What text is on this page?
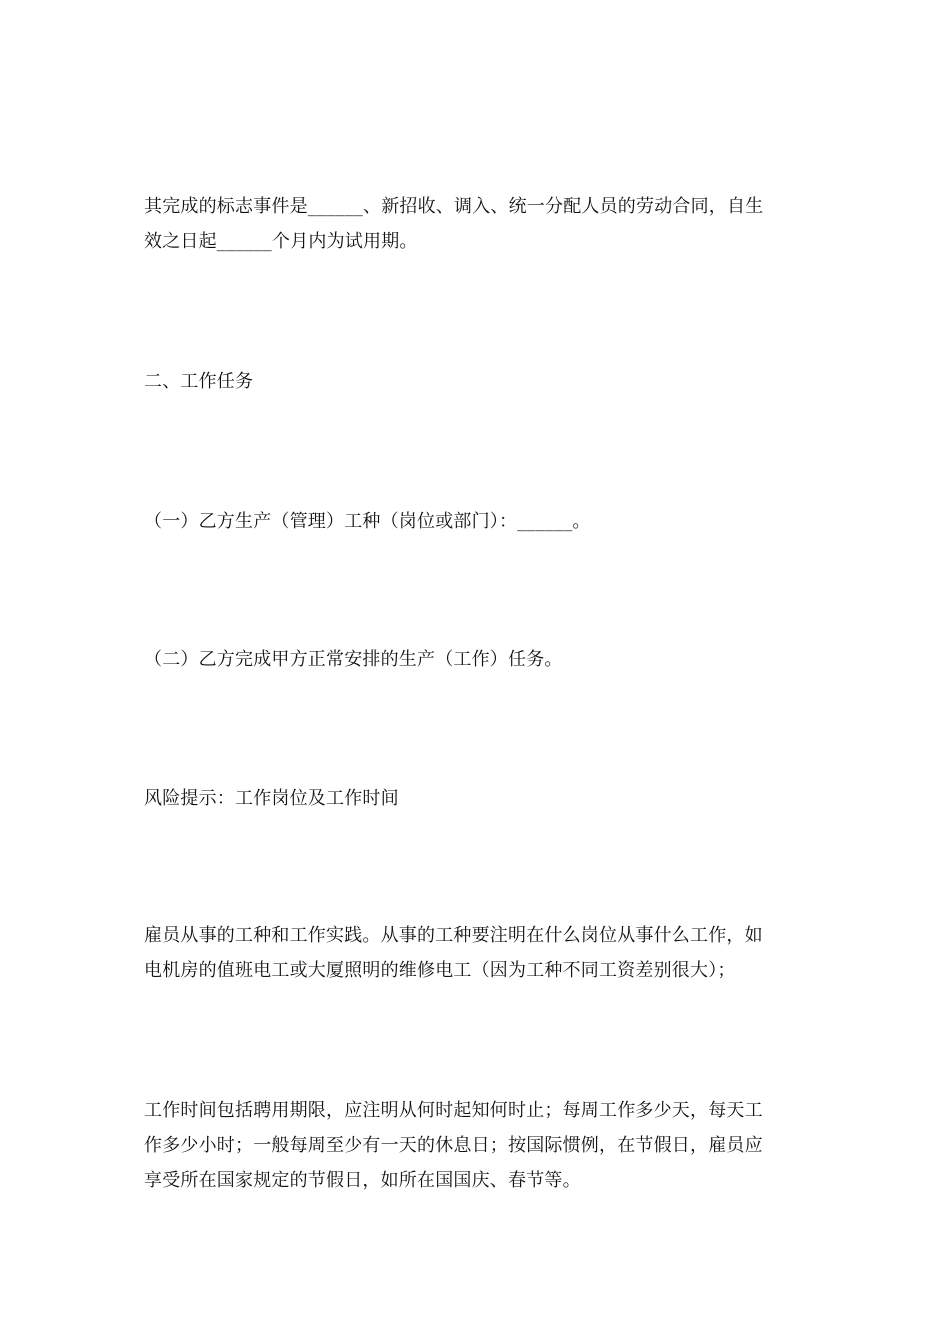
其完成的标志事件是______、新招收、调入、统一分配人员的劳动合同，自生
效之日起______个月内为试用期。
二、工作任务
（一）乙方生产（管理）工种（岗位或部门）：______。
（二）乙方完成甲方正常安排的生产（工作）任务。
风险提示：工作岗位及工作时间
雇员从事的工种和工作实践。从事的工种要注明在什么岗位从事什么工作，如
电机房的值班电工或大厦照明的维修电工（因为工种不同工资差别很大）；
工作时间包括聘用期限，应注明从何时起知何时止；每周工作多少天，每天工
作多少小时；一般每周至少有一天的休息日；按国际惯例，在节假日，雇员应
享受所在国家规定的节假日，如所在国国庆、春节等。
